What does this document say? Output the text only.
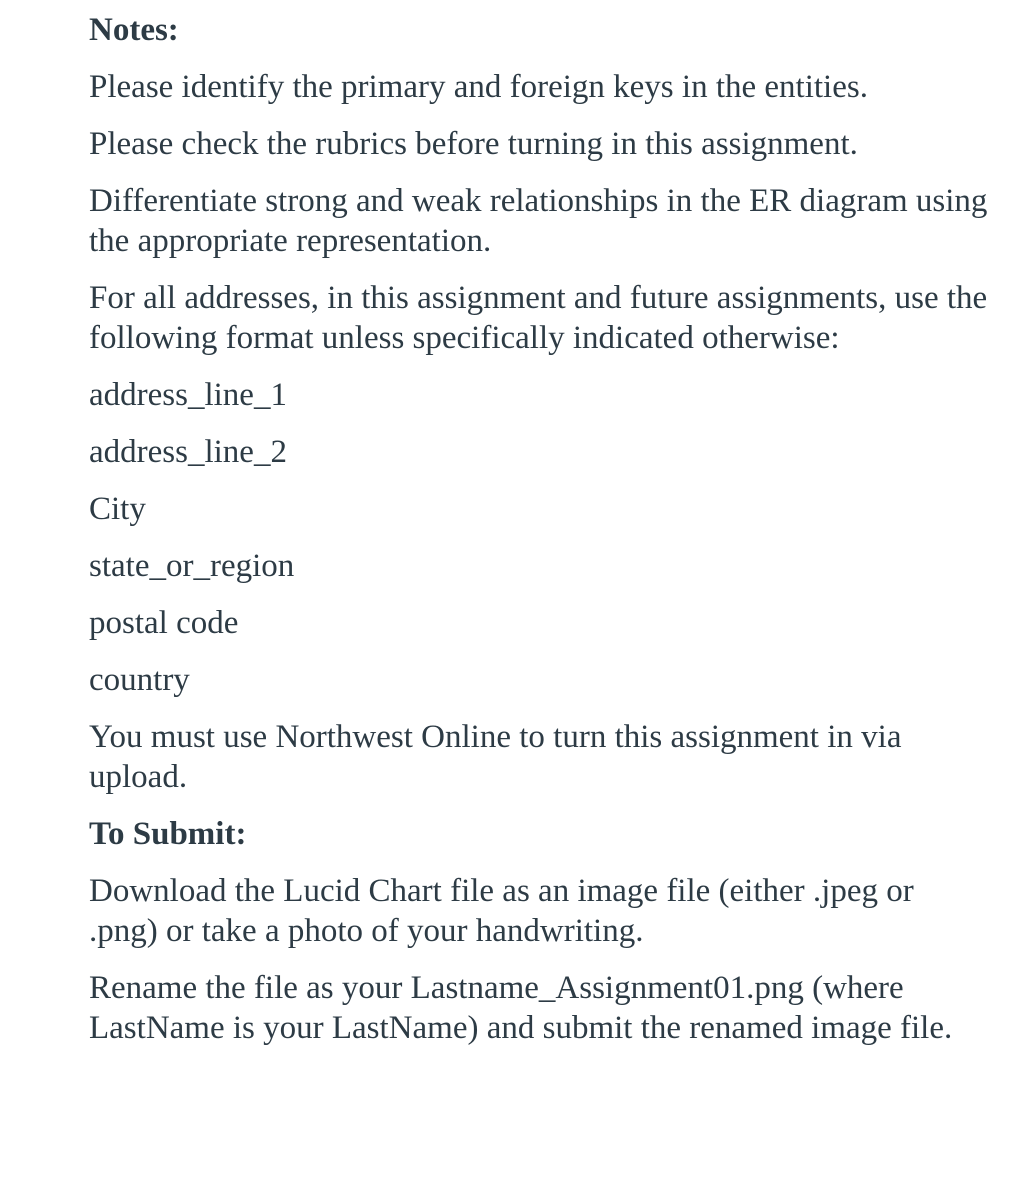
Notes:

Please identify the primary and foreign keys in the entities.

Please check the rubrics before turning in this assignment.

Differentiate strong and weak relationships in the ER diagram using the appropriate representation.

For all addresses, in this assignment and future assignments, use the following format unless specifically indicated otherwise:

address_line_1

address_line_2

City

state_or_region

postal code

country

You must use Northwest Online to turn this assignment in via upload.

To Submit:

Download the Lucid Chart file as an image file (either .jpeg or .png) or take a photo of your handwriting.

Rename the file as your Lastname_Assignment01.png (where LastName is your LastName) and submit the renamed image file.
